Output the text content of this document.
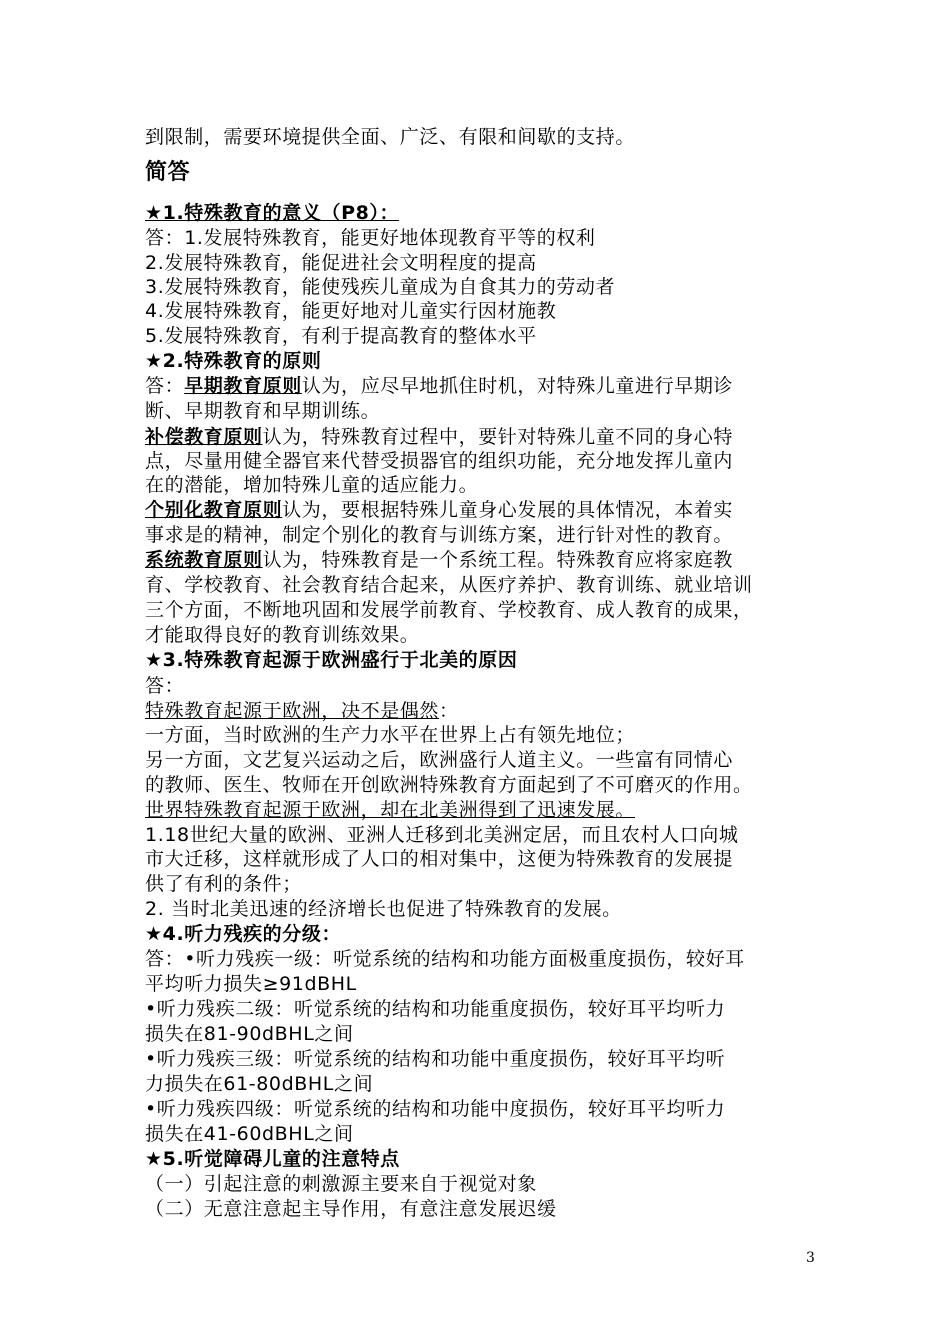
到限制，需要环境提供全面、广泛、有限和间歇的支持。
简答
★1.特殊教育的意义（P8）：
答：1.发展特殊教育，能更好地体现教育平等的权利
2.发展特殊教育，能促进社会文明程度的提高
3.发展特殊教育，能使残疾儿童成为自食其力的劳动者
4.发展特殊教育，能更好地对儿童实行因材施教
5.发展特殊教育，有利于提高教育的整体水平
★2.特殊教育的原则
答：早期教育原则认为，应尽早地抓住时机，对特殊儿童进行早期诊
断、早期教育和早期训练。
补偿教育原则认为，特殊教育过程中，要针对特殊儿童不同的身心特
点，尽量用健全器官来代替受损器官的组织功能，充分地发挥儿童内
在的潜能，增加特殊儿童的适应能力。
个别化教育原则认为，要根据特殊儿童身心发展的具体情况，本着实
事求是的精神，制定个别化的教育与训练方案，进行针对性的教育。
系统教育原则认为，特殊教育是一个系统工程。特殊教育应将家庭教
育、学校教育、社会教育结合起来，从医疗养护、教育训练、就业培训
三个方面，不断地巩固和发展学前教育、学校教育、成人教育的成果，
才能取得良好的教育训练效果。
★3.特殊教育起源于欧洲盛行于北美的原因
答：
特殊教育起源于欧洲，决不是偶然：
一方面，当时欧洲的生产力水平在世界上占有领先地位；
另一方面，文艺复兴运动之后，欧洲盛行人道主义。一些富有同情心
的教师、医生、牧师在开创欧洲特殊教育方面起到了不可磨灭的作用。
世界特殊教育起源于欧洲，却在北美洲得到了迅速发展。
1.18世纪大量的欧洲、亚洲人迁移到北美洲定居，而且农村人口向城
市大迁移，这样就形成了人口的相对集中，这便为特殊教育的发展提
供了有利的条件；
2. 当时北美迅速的经济增长也促进了特殊教育的发展。
★4.听力残疾的分级：
答：•听力残疾一级：听觉系统的结构和功能方面极重度损伤，较好耳
平均听力损失≥91dBHL
•听力残疾二级：听觉系统的结构和功能重度损伤，较好耳平均听力
损失在81-90dBHL之间
•听力残疾三级：听觉系统的结构和功能中重度损伤，较好耳平均听
力损失在61-80dBHL之间
•听力残疾四级：听觉系统的结构和功能中度损伤，较好耳平均听力
损失在41-60dBHL之间
★5.听觉障碍儿童的注意特点
（一）引起注意的刺激源主要来自于视觉对象
（二）无意注意起主导作用，有意注意发展迟缓
3
